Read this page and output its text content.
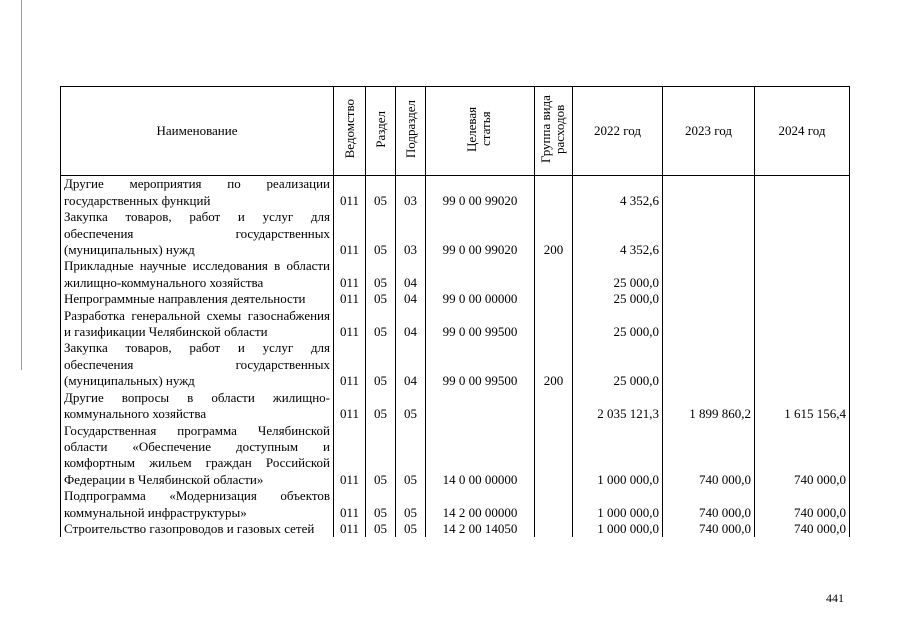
Наименование	Ведомство	Раздел	Подраздел	Целевая статья	Группа вида расходов	2022 год	2023 год	2024 год
Другие мероприятия по реализации государственных функций	011	05	03	99 0 00 99020		4 352,6		
Закупка товаров, работ и услуг для обеспечения государственных (муниципальных) нужд	011	05	03	99 0 00 99020	200	4 352,6		
Прикладные научные исследования в области жилищно-коммунального хозяйства	011	05	04			25 000,0		
Непрограммные направления деятельности	011	05	04	99 0 00 00000		25 000,0		
Разработка генеральной схемы газоснабжения и газификации Челябинской области	011	05	04	99 0 00 99500		25 000,0		
Закупка товаров, работ и услуг для обеспечения государственных (муниципальных) нужд	011	05	04	99 0 00 99500	200	25 000,0		
Другие вопросы в области жилищно-коммунального хозяйства	011	05	05			2 035 121,3	1 899 860,2	1 615 156,4
Государственная программа Челябинской области «Обеспечение доступным и комфортным жильем граждан Российской Федерации в Челябинской области»	011	05	05	14 0 00 00000		1 000 000,0	740 000,0	740 000,0
Подпрограмма «Модернизация объектов коммунальной инфраструктуры»	011	05	05	14 2 00 00000		1 000 000,0	740 000,0	740 000,0
Строительство газопроводов и газовых сетей	011	05	05	14 2 00 14050		1 000 000,0	740 000,0	740 000,0
441
